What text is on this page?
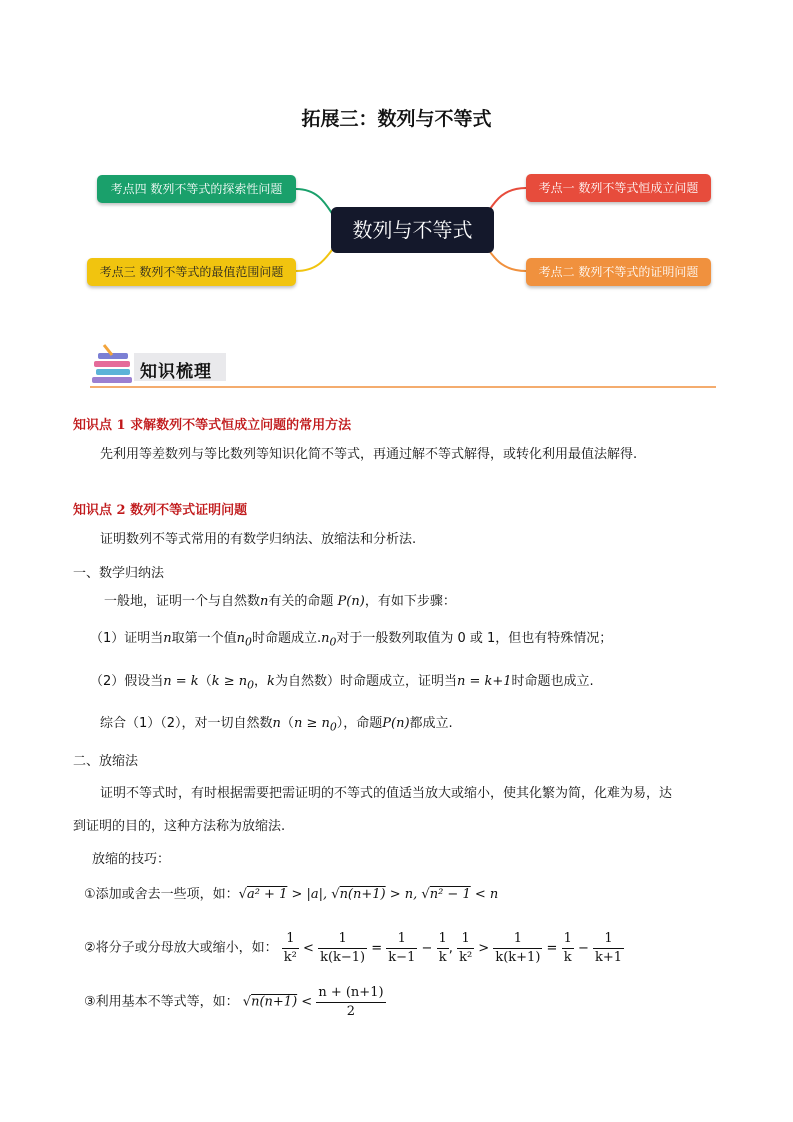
拓展三：数列与不等式
考点四 数列不等式的探索性问题
考点三 数列不等式的最值范围问题
考点一 数列不等式恒成立问题
考点二 数列不等式的证明问题
数列与不等式
知识梳理
知识点 1 求解数列不等式恒成立问题的常用方法
先利用等差数列与等比数列等知识化简不等式，再通过解不等式解得，或转化利用最值法解得.
知识点 2 数列不等式证明问题
证明数列不等式常用的有数学归纳法、放缩法和分析法.
一、数学归纳法
一般地，证明一个与自然数n有关的命题 P(n)，有如下步骤：
（1）证明当n取第一个值$n_0$时命题成立$.n_0$对于一般数列取值为 0 或 1，但也有特殊情况；
（2）假设当$n = k(k \ge n_0$，k为自然数）时命题成立，证明当n = k+1时命题也成立.
综合（1）（2），对一切自然数$n(n \ge n_0)$，命题P(n)都成立.
二、放缩法
证明不等式时，有时根据需要把需证明的不等式的值适当放大或缩小，使其化繁为简，化难为易，达
到证明的目的，这种方法称为放缩法.
放缩的技巧：
①添加或舍去一些项，如：√a² + 1 > |a|, √n(n+1) > n, √n² − 1 < n
②将分子或分母放大或缩小，如： $\frac{1}{\text{k²}} < \frac{1}{k(k-1)} = \frac{1}{k-1} - \frac{1}{k}$ , $\frac{1}{\text{k²}} > \frac{1}{k(k+1)} = \frac{1}{k} - \frac{1}{k+1}$
③利用基本不等式等，如： $√n(n+1) < \frac{n + (n+1)}{2}$
